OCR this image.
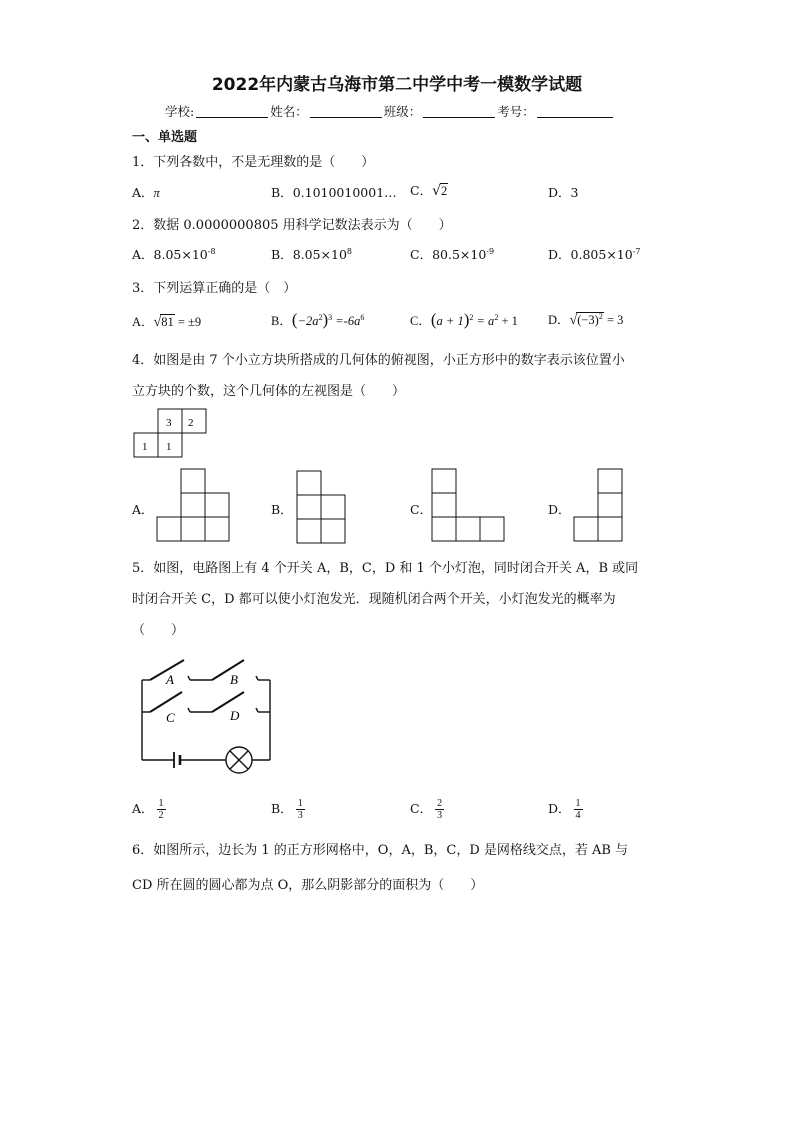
2022年内蒙古乌海市第二中学中考一模数学试题
学校:	姓名：	班级：	考号：
一、单选题
1．下列各数中，不是无理数的是（　　）
A．π	B．0.1010010001… C．√2	D．3
2．数据 0.0000000805 用科学记数法表示为（　　）
A．$8.05\times 10^{-8}$	B．$8.05\times 10^8$	C．$80.5\times 10^{-9}$	D．$0.805\times 10^{-7}$
3．下列运算正确的是（　）
A．√81 = ±9	B．$(-2a^2)^3 =-6a^6$	C．$(a + 1)^2 = a^2 + 1$ D．$√(-3)^2 = 3$
4．如图是由 7 个小立方块所搭成的几何体的俯视图，小正方形中的数字表示该位置小
立方块的个数，这个几何体的左视图是（　　）
3 2
1 1
A．	B．	C．	D．
5．如图，电路图上有 4 个开关 A，B，C，D 和 1 个小灯泡，同时闭合开关 A，B 或同
时闭合开关 C，D 都可以使小灯泡发光．现随机闭合两个开关，小灯泡发光的概率为
（　　）
A	B
C	D
A． $\frac{1}{2}$	B． $\frac{1}{3}$	C． $\frac{2}{3}$	D． $\frac{1}{4}$
6．如图所示，边长为 1 的正方形网格中，O，A，B，C，D 是网格线交点，若 AB 与
CD 所在圆的圆心都为点 O，那么阴影部分的面积为（　　）
